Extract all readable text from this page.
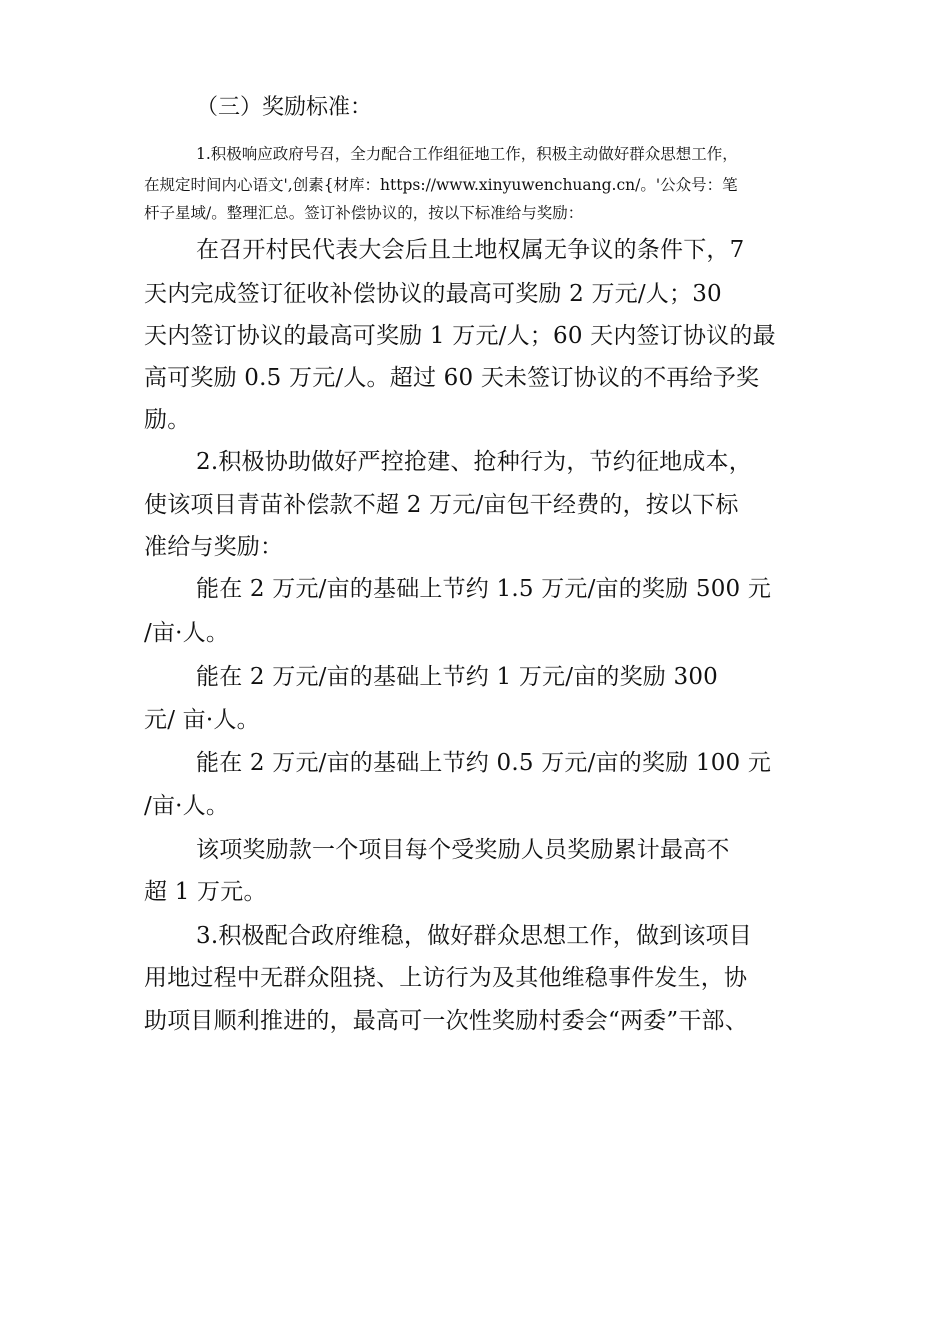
（三）奖励标准：

1.积极响应政府号召，全力配合工作组征地工作，积极主动做好群众思想工作，

在规定时间内心语文',创素{材库：https://www.xinyuwenchuang.cn/。'公众号：笔

杆子星域/。整理汇总。签订补偿协议的，按以下标准给与奖励：

在召开村民代表大会后且土地权属无争议的条件下，7

天内完成签订征收补偿协议的最高可奖励 2 万元/人；30

天内签订协议的最高可奖励 1 万元/人；60 天内签订协议的最

高可奖励 0.5 万元/人。超过 60 天未签订协议的不再给予奖

励。

2.积极协助做好严控抢建、抢种行为，节约征地成本，

使该项目青苗补偿款不超 2 万元/亩包干经费的，按以下标

准给与奖励：

能在 2 万元/亩的基础上节约 1.5 万元/亩的奖励 500 元

/亩·人。

能在 2 万元/亩的基础上节约 1 万元/亩的奖励 300

元/ 亩·人。

能在 2 万元/亩的基础上节约 0.5 万元/亩的奖励 100 元

/亩·人。

该项奖励款一个项目每个受奖励人员奖励累计最高不

超 1 万元。

3.积极配合政府维稳，做好群众思想工作，做到该项目

用地过程中无群众阻挠、上访行为及其他维稳事件发生，协

助项目顺利推进的，最高可一次性奖励村委会“两委”干部、
